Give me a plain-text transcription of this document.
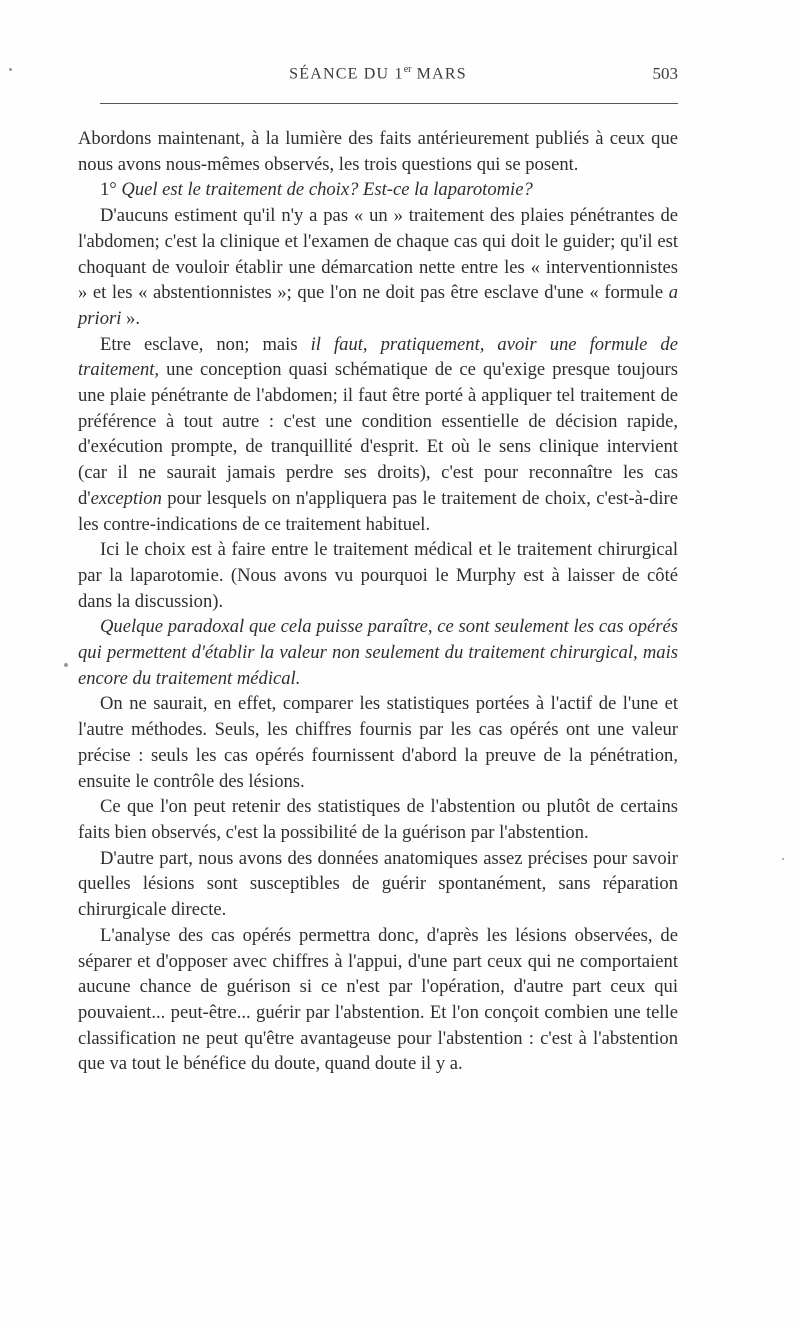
SÉANCE DU 1er MARS	503

Abordons maintenant, à la lumière des faits antérieurement publiés à ceux que nous avons nous-mêmes observés, les trois questions qui se posent.

1° Quel est le traitement de choix? Est-ce la laparotomie?

D'aucuns estiment qu'il n'y a pas « un » traitement des plaies pénétrantes de l'abdomen; c'est la clinique et l'examen de chaque cas qui doit le guider; qu'il est choquant de vouloir établir une démarcation nette entre les « interventionnistes » et les « abstentionnistes »; que l'on ne doit pas être esclave d'une « formule a priori ».

Etre esclave, non; mais il faut, pratiquement, avoir une formule de traitement, une conception quasi schématique de ce qu'exige presque toujours une plaie pénétrante de l'abdomen; il faut être porté à appliquer tel traitement de préférence à tout autre : c'est une condition essentielle de décision rapide, d'exécution prompte, de tranquillité d'esprit. Et où le sens clinique intervient (car il ne saurait jamais perdre ses droits), c'est pour reconnaître les cas d'exception pour lesquels on n'appliquera pas le traitement de choix, c'est-à-dire les contre-indications de ce traitement habituel.

Ici le choix est à faire entre le traitement médical et le traitement chirurgical par la laparotomie. (Nous avons vu pourquoi le Murphy est à laisser de côté dans la discussion).

Quelque paradoxal que cela puisse paraître, ce sont seulement les cas opérés qui permettent d'établir la valeur non seulement du traitement chirurgical, mais encore du traitement médical.

On ne saurait, en effet, comparer les statistiques portées à l'actif de l'une et l'autre méthodes. Seuls, les chiffres fournis par les cas opérés ont une valeur précise : seuls les cas opérés fournissent d'abord la preuve de la pénétration, ensuite le contrôle des lésions.

Ce que l'on peut retenir des statistiques de l'abstention ou plutôt de certains faits bien observés, c'est la possibilité de la guérison par l'abstention.

D'autre part, nous avons des données anatomiques assez précises pour savoir quelles lésions sont susceptibles de guérir spontanément, sans réparation chirurgicale directe.

L'analyse des cas opérés permettra donc, d'après les lésions observées, de séparer et d'opposer avec chiffres à l'appui, d'une part ceux qui ne comportaient aucune chance de guérison si ce n'est par l'opération, d'autre part ceux qui pouvaient... peut-être... guérir par l'abstention. Et l'on conçoit combien une telle classification ne peut qu'être avantageuse pour l'abstention : c'est à l'abstention que va tout le bénéfice du doute, quand doute il y a.
